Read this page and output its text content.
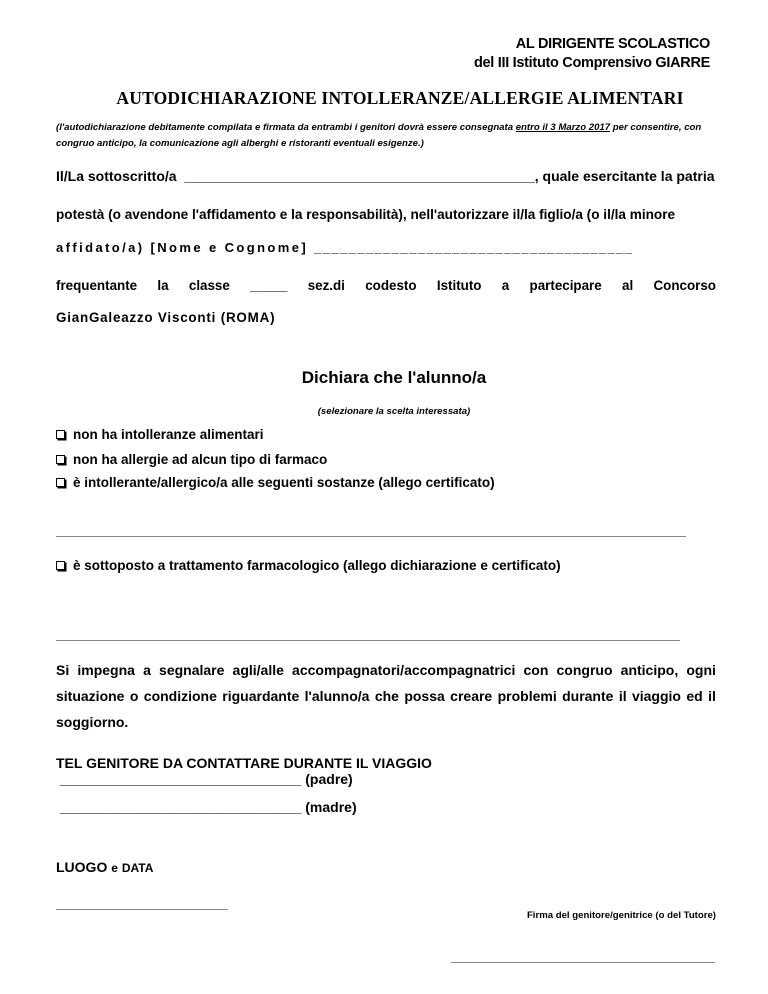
AL DIRIGENTE SCOLASTICO
del III Istituto Comprensivo GIARRE
AUTODICHIARAZIONE INTOLLERANZE/ALLERGIE ALIMENTARI
(l'autodichiarazione debitamente compilata e firmata da entrambi i genitori dovrà essere consegnata entro il 3 Marzo 2017 per consentire, con congruo anticipo, la comunicazione agli alberghi e ristoranti eventuali esigenze.)
Il/La sottoscritto/a _____________________________________________, quale esercitante la patria
potestà (o avendone l'affidamento e la responsabilità), nell'autorizzare il/la figlio/a (o il/la minore
affidato/a) [Nome e Cognome] _____________________________________
frequentante la classe _____ sez.di codesto Istituto a partecipare al Concorso
GianGaleazzo Visconti (ROMA)
Dichiara che l'alunno/a
(selezionare la scelta interessata)
non ha intolleranze alimentari
non ha allergie ad alcun tipo di farmaco
è intollerante/allergico/a alle seguenti sostanze (allego certificato)
è sottoposto a trattamento farmacologico (allego dichiarazione e certificato)
Si impegna a segnalare agli/alle accompagnatori/accompagnatrici con congruo anticipo, ogni
situazione o condizione riguardante l'alunno/a che possa creare problemi durante il viaggio ed il
soggiorno.
TEL GENITORE DA CONTATTARE DURANTE IL VIAGGIO
_______________________________ (padre)
_______________________________ (madre)
LUOGO e DATA
Firma del genitore/genitrice (o del Tutore)
